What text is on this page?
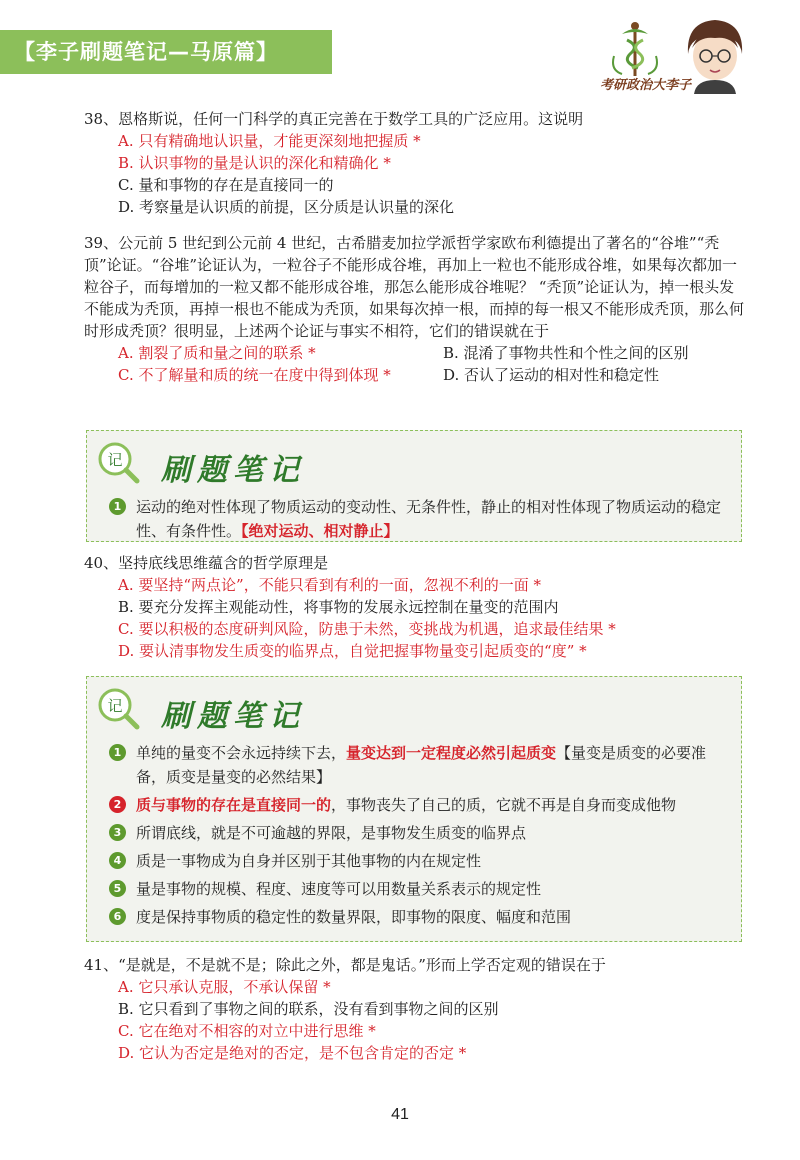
【李子刷题笔记—马原篇】
考研政治大李子

38、恩格斯说，任何一门科学的真正完善在于数学工具的广泛应用。这说明

A. 只有精确地认识量，才能更深刻地把握质 *
B. 认识事物的量是认识的深化和精确化 *
C. 量和事物的存在是直接同一的
D. 考察量是认识质的前提，区分质是认识量的深化

39、公元前 5 世纪到公元前 4 世纪，古希腊麦加拉学派哲学家欧布利德提出了著名的“谷堆”“秃顶”论证。“谷堆”论证认为，一粒谷子不能形成谷堆，再加上一粒也不能形成谷堆，如果每次都加一粒谷子，而每增加的一粒又都不能形成谷堆，那怎么能形成谷堆呢？ “秃顶”论证认为，掉一根头发不能成为秃顶，再掉一根也不能成为秃顶，如果每次掉一根，而掉的每一根又不能形成秃顶，那么何时形成秃顶？很明显，上述两个论证与事实不相符，它们的错误就在于

A. 割裂了质和量之间的联系 *	B. 混淆了事物共性和个性之间的区别
C. 不了解量和质的统一在度中得到体现 *	D. 否认了运动的相对性和稳定性
记 刷题笔记
1 运动的绝对性体现了物质运动的变动性、无条件性，静止的相对性体现了物质运动的稳定性、有条件性。【绝对运动、相对静止】

40、坚持底线思维蕴含的哲学原理是

A. 要坚持“两点论”，不能只看到有利的一面，忽视不利的一面 *
B. 要充分发挥主观能动性，将事物的发展永远控制在量变的范围内
C. 要以积极的态度研判风险，防患于未然，变挑战为机遇，追求最佳结果 *
D. 要认清事物发生质变的临界点，自觉把握事物量变引起质变的“度” *
记 刷题笔记
1 单纯的量变不会永远持续下去，量变达到一定程度必然引起质变【量变是质变的必要准备，质变是量变的必然结果】
2 质与事物的存在是直接同一的，事物丧失了自己的质，它就不再是自身而变成他物
3 所谓底线，就是不可逾越的界限，是事物发生质变的临界点
4 质是一事物成为自身并区别于其他事物的内在规定性
5 量是事物的规模、程度、速度等可以用数量关系表示的规定性
6 度是保持事物质的稳定性的数量界限，即事物的限度、幅度和范围

41、“是就是，不是就不是；除此之外，都是鬼话。”形而上学否定观的错误在于

A. 它只承认克服，不承认保留 *
B. 它只看到了事物之间的联系，没有看到事物之间的区别
C. 它在绝对不相容的对立中进行思维 *
D. 它认为否定是绝对的否定，是不包含肯定的否定 *
41
